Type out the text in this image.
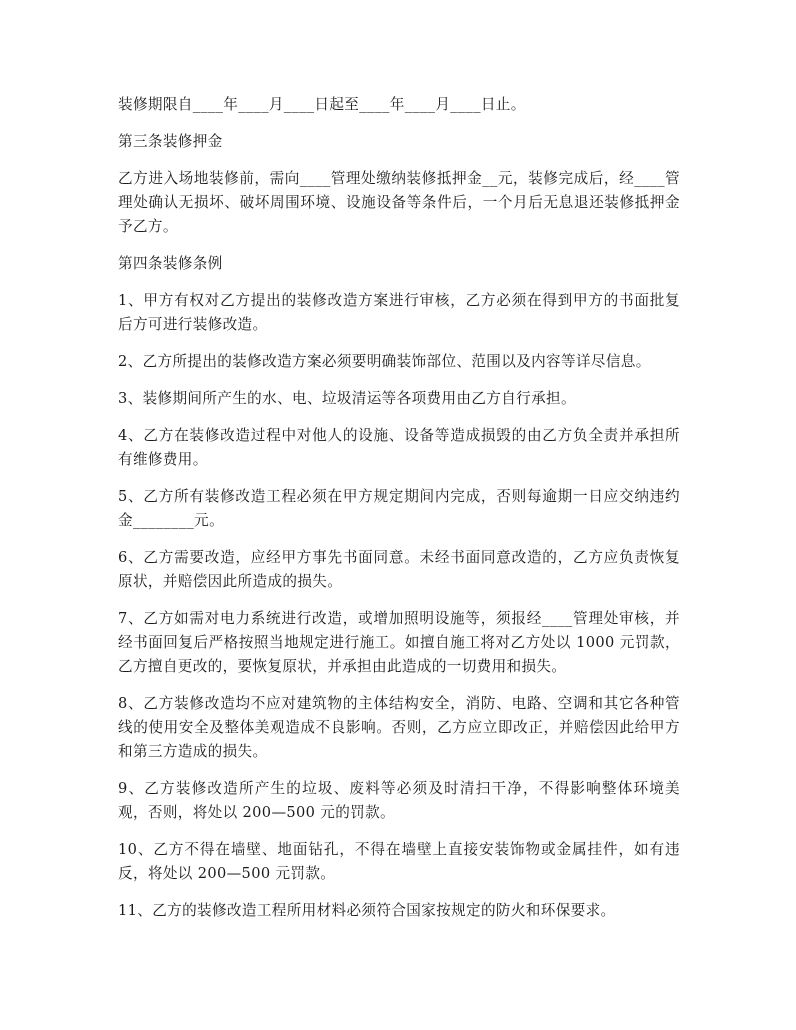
装修期限自____年____月____日起至____年____月____日止。

第三条装修押金

乙方进入场地装修前，需向____管理处缴纳装修抵押金__元，装修完成后，经____管理处确认无损坏、破坏周围环境、设施设备等条件后，一个月后无息退还装修抵押金予乙方。

第四条装修条例

1、甲方有权对乙方提出的装修改造方案进行审核，乙方必须在得到甲方的书面批复后方可进行装修改造。

2、乙方所提出的装修改造方案必须要明确装饰部位、范围以及内容等详尽信息。

3、装修期间所产生的水、电、垃圾清运等各项费用由乙方自行承担。

4、乙方在装修改造过程中对他人的设施、设备等造成损毁的由乙方负全责并承担所有维修费用。

5、乙方所有装修改造工程必须在甲方规定期间内完成，否则每逾期一日应交纳违约金________元。

6、乙方需要改造，应经甲方事先书面同意。未经书面同意改造的，乙方应负责恢复原状，并赔偿因此所造成的损失。

7、乙方如需对电力系统进行改造，或增加照明设施等，须报经____管理处审核，并经书面回复后严格按照当地规定进行施工。如擅自施工将对乙方处以 1000 元罚款，乙方擅自更改的，要恢复原状，并承担由此造成的一切费用和损失。

8、乙方装修改造均不应对建筑物的主体结构安全，消防、电路、空调和其它各种管线的使用安全及整体美观造成不良影响。否则，乙方应立即改正，并赔偿因此给甲方和第三方造成的损失。

9、乙方装修改造所产生的垃圾、废料等必须及时清扫干净，不得影响整体环境美观，否则，将处以 200—500 元的罚款。

10、乙方不得在墙壁、地面钻孔，不得在墙壁上直接安装饰物或金属挂件，如有违反，将处以 200—500 元罚款。

11、乙方的装修改造工程所用材料必须符合国家按规定的防火和环保要求。
